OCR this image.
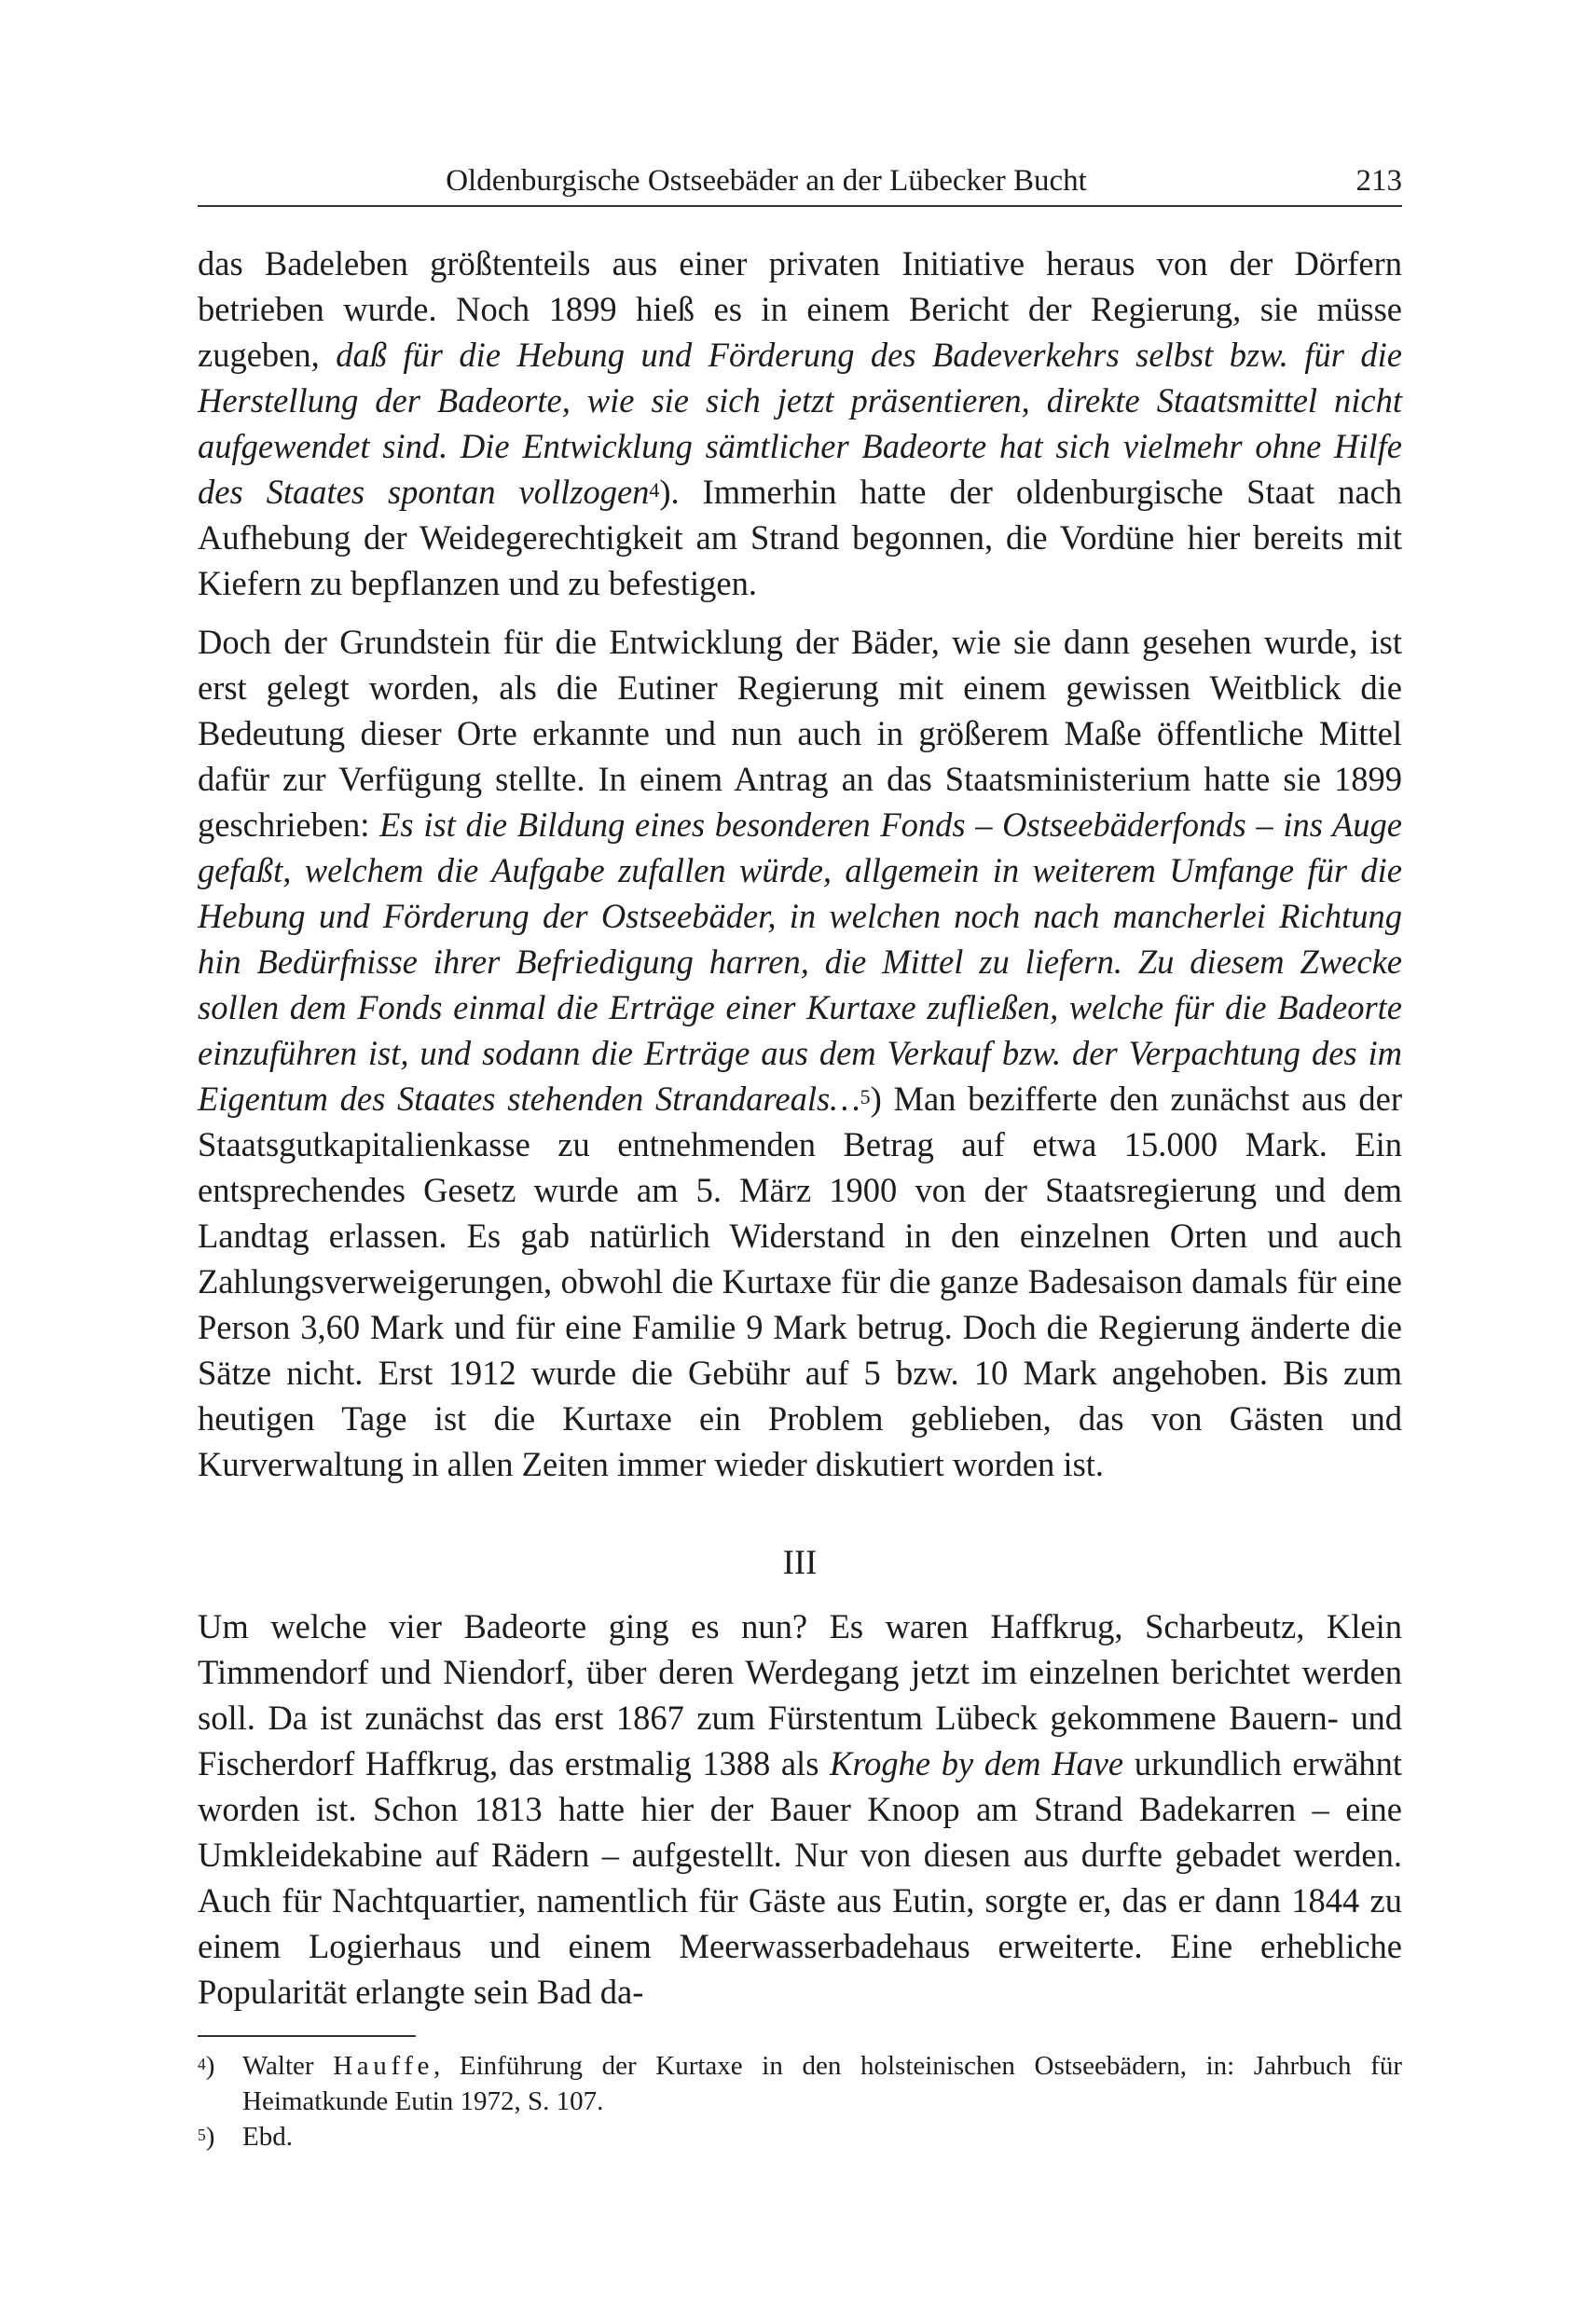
Oldenburgische Ostseebäder an der Lübecker Bucht	213

das Badeleben größtenteils aus einer privaten Initiative heraus von der Dörfern betrieben wurde. Noch 1899 hieß es in einem Bericht der Regierung, sie müsse zugeben, daß für die Hebung und Förderung des Badeverkehrs selbst bzw. für die Herstellung der Badeorte, wie sie sich jetzt präsentieren, direkte Staatsmittel nicht aufgewendet sind. Die Entwicklung sämtlicher Badeorte hat sich vielmehr ohne Hilfe des Staates spontan vollzogen$^4$). Immerhin hatte der oldenburgische Staat nach Aufhebung der Weidegerechtigkeit am Strand begonnen, die Vordüne hier bereits mit Kiefern zu bepflanzen und zu befestigen.

Doch der Grundstein für die Entwicklung der Bäder, wie sie dann gesehen wurde, ist erst gelegt worden, als die Eutiner Regierung mit einem gewissen Weitblick die Bedeutung dieser Orte erkannte und nun auch in größerem Maße öffentliche Mittel dafür zur Verfügung stellte. In einem Antrag an das Staatsministerium hatte sie 1899 geschrieben: Es ist die Bildung eines besonderen Fonds – Ostseebäderfonds – ins Auge gefaßt, welchem die Aufgabe zufallen würde, allgemein in weiterem Umfange für die Hebung und Förderung der Ostseebäder, in welchen noch nach mancherlei Richtung hin Bedürfnisse ihrer Befriedigung harren, die Mittel zu liefern. Zu diesem Zwecke sollen dem Fonds einmal die Erträge einer Kurtaxe zufließen, welche für die Badeorte einzuführen ist, und sodann die Erträge aus dem Verkauf bzw. der Verpachtung des im Eigentum des Staates stehenden Strandareals…$^5$) Man bezifferte den zunächst aus der Staatsgutkapitalienkasse zu entnehmenden Betrag auf etwa 15.000 Mark. Ein entsprechendes Gesetz wurde am 5. März 1900 von der Staatsregierung und dem Landtag erlassen. Es gab natürlich Widerstand in den einzelnen Orten und auch Zahlungsverweigerungen, obwohl die Kurtaxe für die ganze Badesaison damals für eine Person 3,60 Mark und für eine Familie 9 Mark betrug. Doch die Regierung änderte die Sätze nicht. Erst 1912 wurde die Gebühr auf 5 bzw. 10 Mark angehoben. Bis zum heutigen Tage ist die Kurtaxe ein Problem geblieben, das von Gästen und Kurverwaltung in allen Zeiten immer wieder diskutiert worden ist.

III

Um welche vier Badeorte ging es nun? Es waren Haffkrug, Scharbeutz, Klein Timmendorf und Niendorf, über deren Werdegang jetzt im einzelnen berichtet werden soll. Da ist zunächst das erst 1867 zum Fürstentum Lübeck gekommene Bauern- und Fischerdorf Haffkrug, das erstmalig 1388 als Kroghe by dem Have urkundlich erwähnt worden ist. Schon 1813 hatte hier der Bauer Knoop am Strand Badekarren – eine Umkleidekabine auf Rädern – aufgestellt. Nur von diesen aus durfte gebadet werden. Auch für Nachtquartier, namentlich für Gäste aus Eutin, sorgte er, das er dann 1844 zu einem Logierhaus und einem Meerwasserbadehaus erweiterte. Eine erhebliche Popularität erlangte sein Bad da-

$^4$) Walter Hauffe, Einführung der Kurtaxe in den holsteinischen Ostseebädern, in: Jahrbuch für Heimatkunde Eutin 1972, S. 107.

$^5$) Ebd.
